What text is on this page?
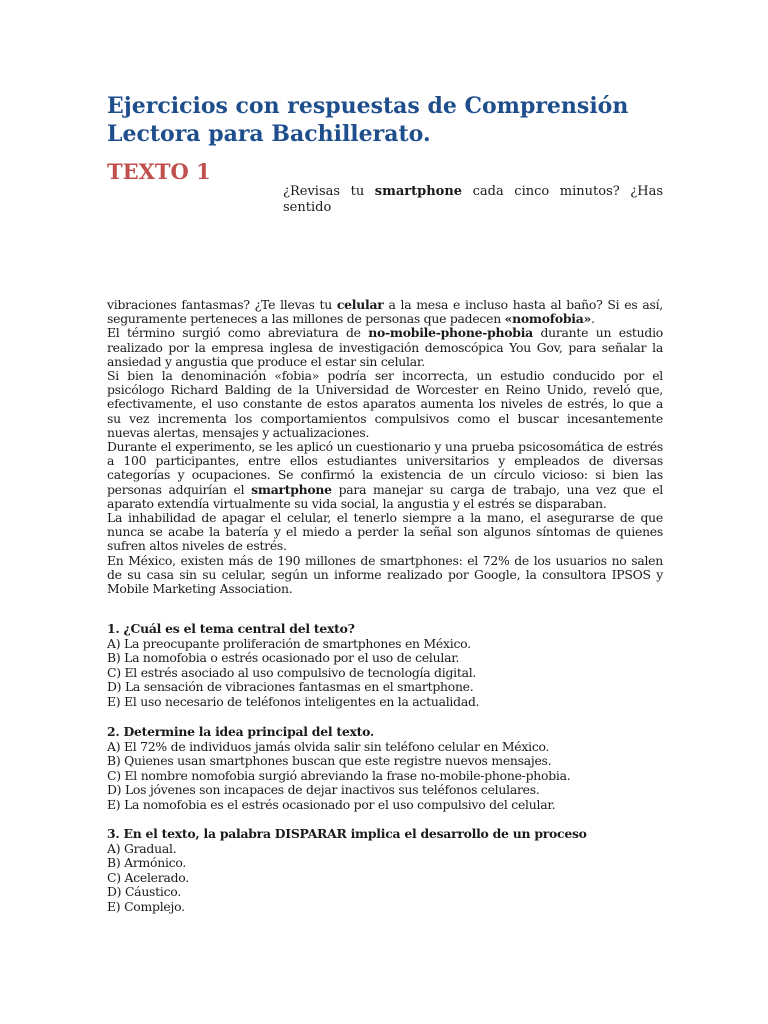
Ejercicios con respuestas de Comprensión Lectora para Bachillerato.
TEXTO 1
¿Revisas tu smartphone cada cinco minutos? ¿Has sentido

vibraciones fantasmas? ¿Te llevas tu celular a la mesa e incluso hasta al baño? Si es así, seguramente perteneces a las millones de personas que padecen «nomofobia».

El término surgió como abreviatura de no-mobile-phone-phobia durante un estudio realizado por la empresa inglesa de investigación demoscópica You Gov, para señalar la ansiedad y angustia que produce el estar sin celular.

Si bien la denominación «fobia» podría ser incorrecta, un estudio conducido por el psicólogo Richard Balding de la Universidad de Worcester en Reino Unido, reveló que, efectivamente, el uso constante de estos aparatos aumenta los niveles de estrés, lo que a su vez incrementa los comportamientos compulsivos como el buscar incesantemente nuevas alertas, mensajes y actualizaciones.

Durante el experimento, se les aplicó un cuestionario y una prueba psicosomática de estrés a 100 participantes, entre ellos estudiantes universitarios y empleados de diversas categorías y ocupaciones. Se confirmó la existencia de un círculo vicioso: si bien las personas adquirían el smartphone para manejar su carga de trabajo, una vez que el aparato extendía virtualmente su vida social, la angustia y el estrés se disparaban.

La inhabilidad de apagar el celular, el tenerlo siempre a la mano, el asegurarse de que nunca se acabe la batería y el miedo a perder la señal son algunos síntomas de quienes sufren altos niveles de estrés.

En México, existen más de 190 millones de smartphones: el 72% de los usuarios no salen de su casa sin su celular, según un informe realizado por Google, la consultora IPSOS y Mobile Marketing Association.

1. ¿Cuál es el tema central del texto?
A) La preocupante proliferación de smartphones en México.
B) La nomofobia o estrés ocasionado por el uso de celular.
C) El estrés asociado al uso compulsivo de tecnología digital.
D) La sensación de vibraciones fantasmas en el smartphone.
E) El uso necesario de teléfonos inteligentes en la actualidad.
2. Determine la idea principal del texto.
A) El 72% de individuos jamás olvida salir sin teléfono celular en México.
B) Quienes usan smartphones buscan que este registre nuevos mensajes.
C) El nombre nomofobia surgió abreviando la frase no-mobile-phone-phobia.
D) Los jóvenes son incapaces de dejar inactivos sus teléfonos celulares.
E) La nomofobia es el estrés ocasionado por el uso compulsivo del celular.
3. En el texto, la palabra DISPARAR implica el desarrollo de un proceso
A) Gradual.
B) Armónico.
C) Acelerado.
D) Cáustico.
E) Complejo.
